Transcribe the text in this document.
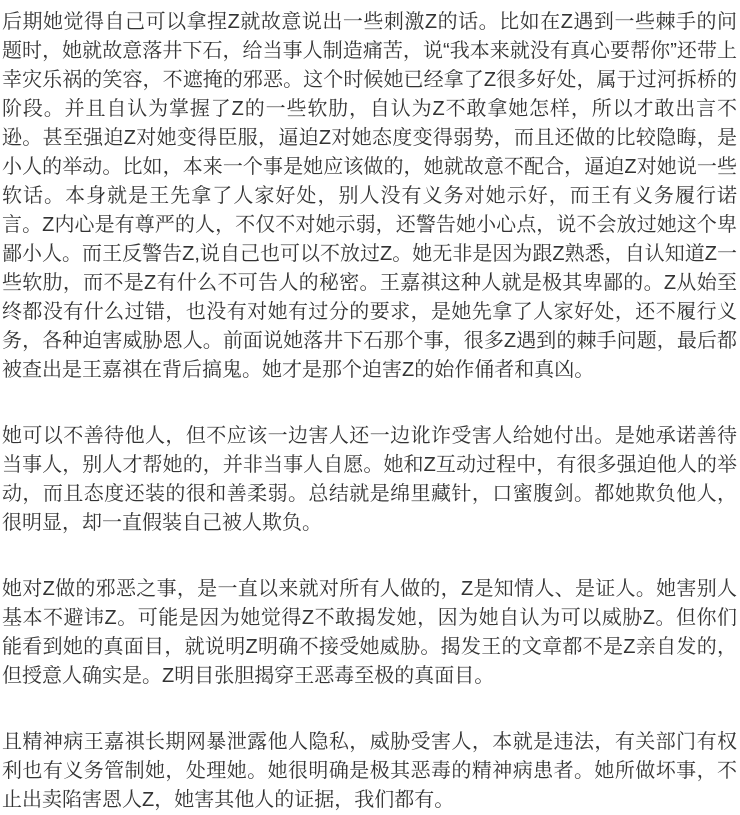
后期她觉得自己可以拿捏Z就故意说出一些刺激Z的话。比如在Z遇到一些棘手的问题时，她就故意落井下石，给当事人制造痛苦，说“我本来就没有真心要帮你”还带上幸灾乐祸的笑容，不遮掩的邪恶。这个时候她已经拿了Z很多好处，属于过河拆桥的阶段。并且自认为掌握了Z的一些软肋，自认为Z不敢拿她怎样，所以才敢出言不逊。甚至强迫Z对她变得臣服，逼迫Z对她态度变得弱势，而且还做的比较隐晦，是小人的举动。比如，本来一个事是她应该做的，她就故意不配合，逼迫Z对她说一些软话。本身就是王先拿了人家好处，别人没有义务对她示好，而王有义务履行诺言。Z内心是有尊严的人，不仅不对她示弱，还警告她小心点，说不会放过她这个卑鄙小人。而王反警告Z,说自己也可以不放过Z。她无非是因为跟Z熟悉，自认知道Z一些软肋，而不是Z有什么不可告人的秘密。王嘉祺这种人就是极其卑鄙的。Z从始至终都没有什么过错，也没有对她有过分的要求，是她先拿了人家好处，还不履行义务，各种迫害威胁恩人。前面说她落井下石那个事，很多Z遇到的棘手问题，最后都被查出是王嘉祺在背后搞鬼。她才是那个迫害Z的始作俑者和真凶。

她可以不善待他人，但不应该一边害人还一边讹诈受害人给她付出。是她承诺善待当事人，别人才帮她的，并非当事人自愿。她和Z互动过程中，有很多强迫他人的举动，而且态度还装的很和善柔弱。总结就是绵里藏针，口蜜腹剑。都她欺负他人，很明显，却一直假装自己被人欺负。

她对Z做的邪恶之事，是一直以来就对所有人做的，Z是知情人、是证人。她害别人基本不避讳Z。可能是因为她觉得Z不敢揭发她，因为她自认为可以威胁Z。但你们能看到她的真面目，就说明Z明确不接受她威胁。揭发王的文章都不是Z亲自发的，但授意人确实是。Z明目张胆揭穿王恶毒至极的真面目。

且精神病王嘉祺长期网暴泄露他人隐私，威胁受害人，本就是违法，有关部门有权利也有义务管制她，处理她。她很明确是极其恶毒的精神病患者。她所做坏事，不止出卖陷害恩人Z，她害其他人的证据，我们都有。
